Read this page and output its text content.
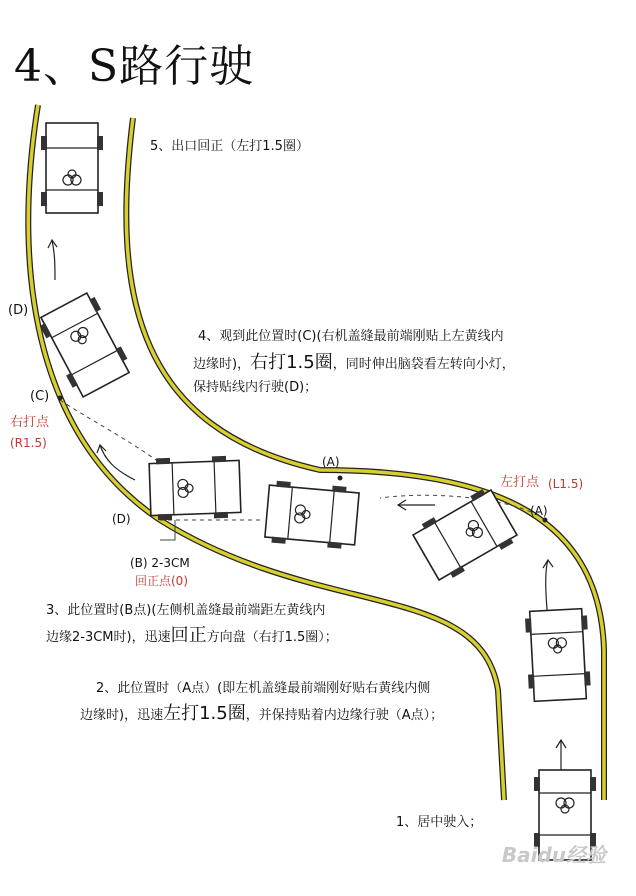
4、S路行驶
5、出口回正（左打1.5圈）
4、观到此位置时(C)(右机盖缝最前端刚贴上左黄线内
边缘时)，右打1.5圈，同时伸出脑袋看左转向小灯，
保持贴线内行驶(D)；
(D)
(C)
右打点
(R1.5)
(A)
左打点 (L1.5)
(A)
(D)
(B) 2-3CM
回正点(0)
3、此位置时(B点)(左侧机盖缝最前端距左黄线内
边缘2-3CM时)，迅速回正方向盘（右打1.5圈）；
2、此位置时（A点）(即左机盖缝最前端刚好贴右黄线内侧
边缘时)，迅速左打1.5圈，并保持贴着内边缘行驶（A点）；
1、居中驶入；
Baidu经验
